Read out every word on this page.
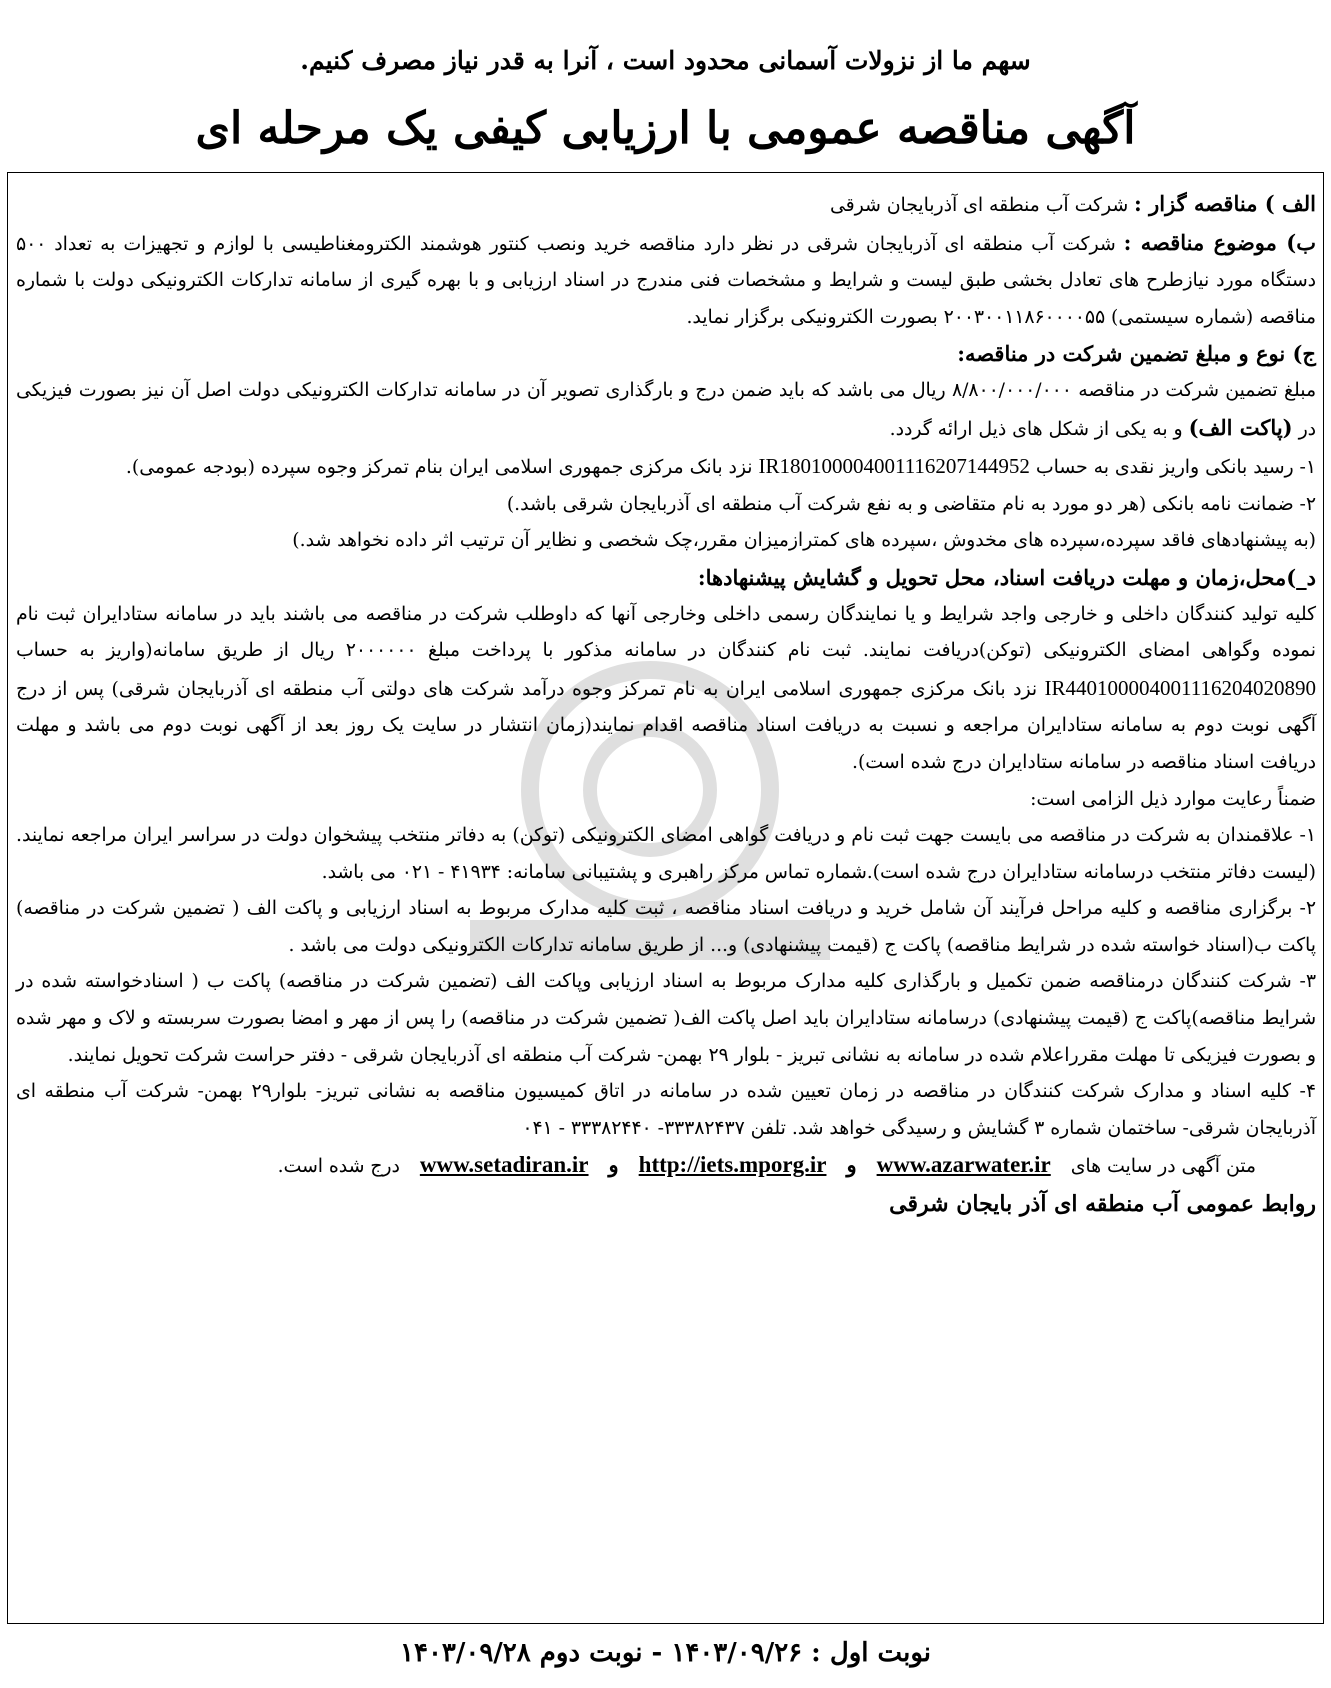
سهم ما از نزولات آسمانی محدود است ، آنرا به قدر نیاز مصرف کنیم.
آگهی مناقصه عمومی با ارزیابی کیفی یک مرحله ای

الف ) مناقصه گزار : شرکت آب منطقه ای آذربایجان شرقی

ب) موضوع مناقصه : شرکت آب منطقه ای آذربایجان شرقی در نظر دارد مناقصه خرید ونصب کنتور هوشمند الکترومغناطیسی با لوازم و تجهیزات به تعداد ۵۰۰ دستگاه مورد نیازطرح های تعادل بخشی طبق لیست و شرایط و مشخصات فنی مندرج در اسناد ارزیابی و با بهره گیری از سامانه تدارکات الکترونیکی دولت با شماره مناقصه (شماره سیستمی) ۲۰۰۳۰۰۱۱۸۶۰۰۰۰۵۵ بصورت الکترونیکی برگزار نماید.

ج) نوع و مبلغ تضمین شرکت در مناقصه:

مبلغ تضمین شرکت در مناقصه ۸/۸۰۰/۰۰۰/۰۰۰ ریال می باشد که باید ضمن درج و بارگذاری تصویر آن در سامانه تدارکات الکترونیکی دولت اصل آن نیز بصورت فیزیکی در (پاکت الف) و به یکی از شکل های ذیل ارائه گردد.

۱- رسید بانکی واریز نقدی به حساب IR180100004001116207144952 نزد بانک مرکزی جمهوری اسلامی ایران بنام تمرکز وجوه سپرده (بودجه عمومی).

۲- ضمانت نامه بانکی (هر دو مورد به نام متقاضی و به نفع شرکت آب منطقه ای آذربایجان شرقی باشد.)

(به پیشنهادهای فاقد سپرده،سپرده های مخدوش ،سپرده های کمترازمیزان مقرر،چک شخصی و نظایر آن ترتیب اثر داده نخواهد شد.)

د_)محل،زمان و مهلت دریافت اسناد، محل تحویل و گشایش پیشنهادها:

کلیه تولید کنندگان داخلی و خارجی واجد شرایط و یا نمایندگان رسمی داخلی وخارجی آنها که داوطلب شرکت در مناقصه می باشند باید در سامانه ستادایران ثبت نام نموده وگواهی امضای الکترونیکی (توکن)دریافت نمایند. ثبت نام کنندگان در سامانه مذکور با پرداخت مبلغ ۲۰۰۰۰۰۰ ریال از طریق سامانه(واریز به حساب IR440100004001116204020890 نزد بانک مرکزی جمهوری اسلامی ایران به نام تمرکز وجوه درآمد شرکت های دولتی آب منطقه ای آذربایجان شرقی) پس از درج آگهی نوبت دوم به سامانه ستادایران مراجعه و نسبت به دریافت اسناد مناقصه اقدام نمایند(زمان انتشار در سایت یک روز بعد از آگهی نوبت دوم می باشد و مهلت دریافت اسناد مناقصه در سامانه ستادایران درج شده است).

ضمناً رعایت موارد ذیل الزامی است:

۱- علاقمندان به شرکت در مناقصه می بایست جهت ثبت نام و دریافت گواهی امضای الکترونیکی (توکن) به دفاتر منتخب پیشخوان دولت در سراسر ایران مراجعه نمایند.(لیست دفاتر منتخب درسامانه ستادایران درج شده است).شماره تماس مرکز راهبری و پشتیبانی سامانه: ۴۱۹۳۴ - ۰۲۱ می باشد.

۲- برگزاری مناقصه و کلیه مراحل فرآیند آن شامل خرید و دریافت اسناد مناقصه ، ثبت کلیه مدارک مربوط به اسناد ارزیابی و پاکت الف ( تضمین شرکت در مناقصه) پاکت ب(اسناد خواسته شده در شرایط مناقصه) پاکت ج (قیمت پیشنهادی) و... از طریق سامانه تدارکات الکترونیکی دولت می باشد .

۳- شرکت کنندگان درمناقصه ضمن تکمیل و بارگذاری کلیه مدارک مربوط به اسناد ارزیابی وپاکت الف (تضمین شرکت در مناقصه) پاکت ب ( اسنادخواسته شده در شرایط مناقصه)پاکت ج (قیمت پیشنهادی) درسامانه ستادایران باید اصل پاکت الف( تضمین شرکت در مناقصه) را پس از مهر و امضا بصورت سربسته و لاک و مهر شده و بصورت فیزیکی تا مهلت مقرراعلام شده در سامانه به نشانی تبریز - بلوار ۲۹ بهمن- شرکت آب منطقه ای آذربایجان شرقی - دفتر حراست شرکت تحویل نمایند.

۴- کلیه اسناد و مدارک شرکت کنندگان در مناقصه در زمان تعیین شده در سامانه در اتاق کمیسیون مناقصه به نشانی تبریز- بلوار۲۹ بهمن- شرکت آب منطقه ای آذربایجان شرقی- ساختمان شماره ۳ گشایش و رسیدگی خواهد شد. تلفن ۳۳۳۸۲۴۳۷- ۳۳۳۸۲۴۴۰ - ۰۴۱

متن آگهی در سایت های www.azarwater.ir و http://iets.mporg.ir و www.setadiran.ir درج شده است.

روابط عمومی آب منطقه ای آذر بایجان شرقی

نوبت اول : ۱۴۰۳/۰۹/۲۶ - نوبت دوم ۱۴۰۳/۰۹/۲۸
